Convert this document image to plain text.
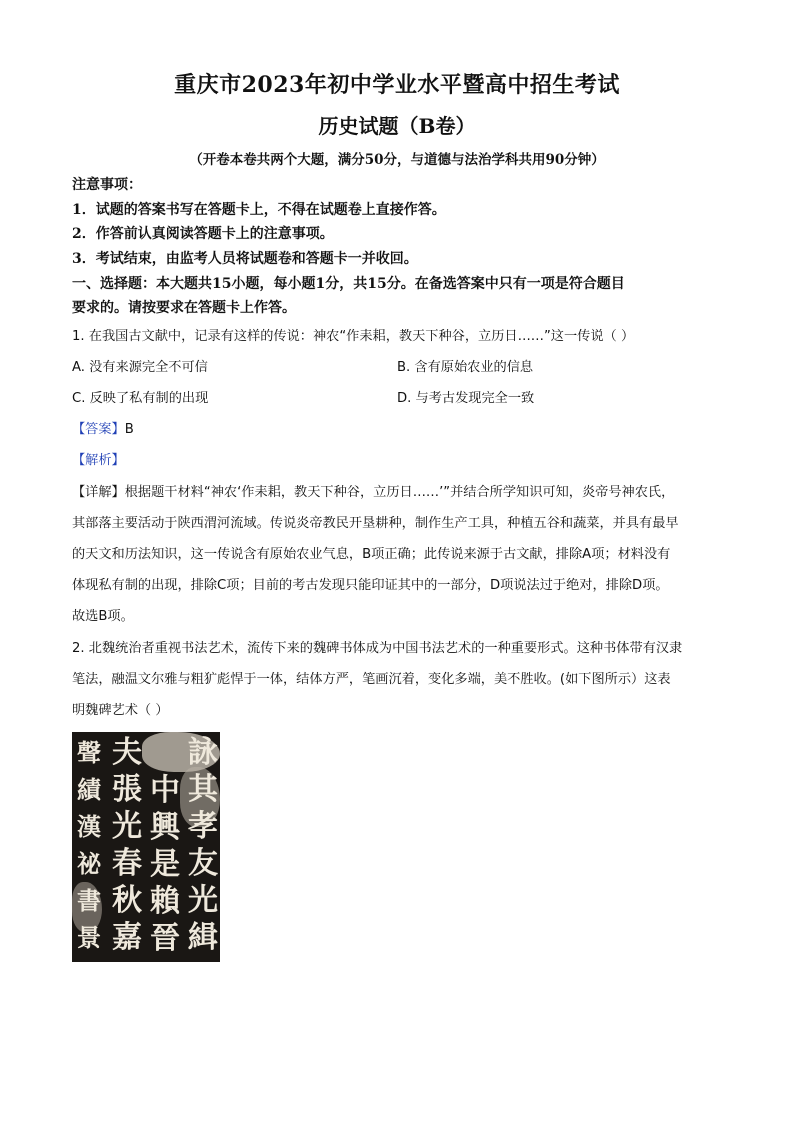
重庆市2023年初中学业水平暨高中招生考试
历史试题（B卷）
（开卷本卷共两个大题，满分50分，与道德与法治学科共用90分钟）
注意事项：
1．试题的答案书写在答题卡上，不得在试题卷上直接作答。
2．作答前认真阅读答题卡上的注意事项。
3．考试结束，由监考人员将试题卷和答题卡一并收回。
一、选择题：本大题共15小题，每小题1分，共15分。在备选答案中只有一项是符合题目
要求的。请按要求在答题卡上作答。
1. 在我国古文献中，记录有这样的传说：神农“作耒耜，教天下种谷，立历日……”这一传说（ ）
A. 没有来源完全不可信	B. 含有原始农业的信息
C. 反映了私有制的出现	D. 与考古发现完全一致
【答案】B
【解析】
【详解】根据题干材料“神农‘作耒耜，教天下种谷，立历日……’”并结合所学知识可知，炎帝号神农氏，
其部落主要活动于陕西渭河流域。传说炎帝教民开垦耕种，制作生产工具，种植五谷和蔬菜，并具有最早
的天文和历法知识，这一传说含有原始农业气息，B项正确；此传说来源于古文献，排除A项；材料没有
体现私有制的出现，排除C项；目前的考古发现只能印证其中的一部分，D项说法过于绝对，排除D项。
故选B项。
2. 北魏统治者重视书法艺术，流传下来的魏碑书体成为中国书法艺术的一种重要形式。这种书体带有汉隶
笔法，融温文尔雅与粗犷彪悍于一体，结体方严，笔画沉着，变化多端，美不胜收。(如下图所示）这表
明魏碑艺术（ ）
詠
其
孝
友
光
緝
中
興
是
賴
晉
夫
張
光
春
秋
嘉
聲
績
漢
祕
書
景
